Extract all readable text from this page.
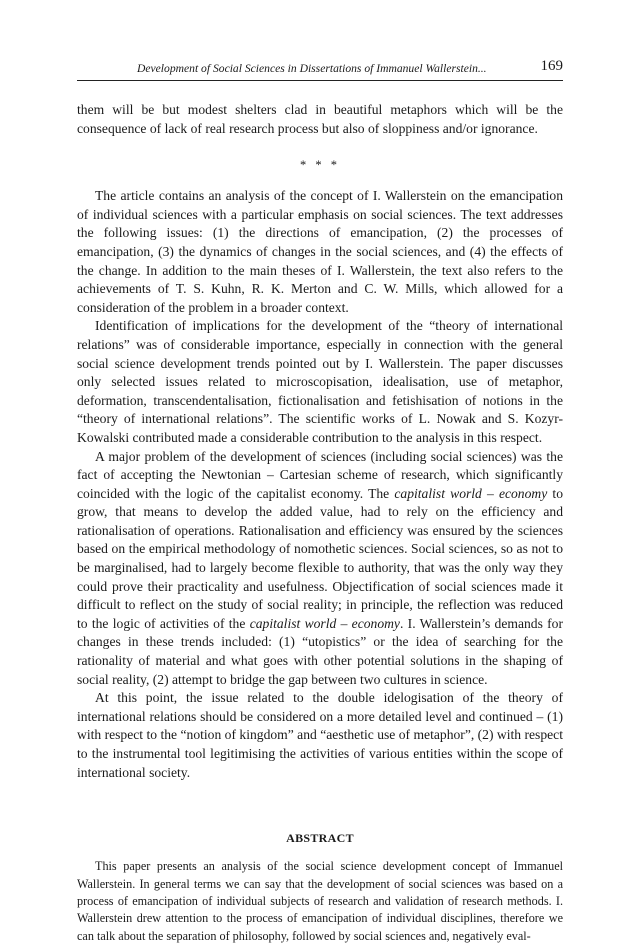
Development of Social Sciences in Dissertations of Immanuel Wallerstein...	169

them will be but modest shelters clad in beautiful metaphors which will be the consequence of lack of real research process but also of sloppiness and/or ignorance.

* * *

The article contains an analysis of the concept of I. Wallerstein on the emancipation of individual sciences with a particular emphasis on social sciences. The text addresses the following issues: (1) the directions of emancipation, (2) the processes of emancipation, (3) the dynamics of changes in the social sciences, and (4) the effects of the change. In addition to the main theses of I. Wallerstein, the text also refers to the achievements of T. S. Kuhn, R. K. Merton and C. W. Mills, which allowed for a consideration of the problem in a broader context.

Identification of implications for the development of the “theory of international relations” was of considerable importance, especially in connection with the general social science development trends pointed out by I. Wallerstein. The paper discusses only selected issues related to microscopisation, idealisation, use of metaphor, deformation, transcendentalisation, fictionalisation and fetishisation of notions in the “theory of international relations”. The scientific works of L. Nowak and S. Kozyr-Kowalski contributed made a considerable contribution to the analysis in this respect.

A major problem of the development of sciences (including social sciences) was the fact of accepting the Newtonian – Cartesian scheme of research, which significantly coincided with the logic of the capitalist economy. The capitalist world – economy to grow, that means to develop the added value, had to rely on the efficiency and rationalisation of operations. Rationalisation and efficiency was ensured by the sciences based on the empirical methodology of nomothetic sciences. Social sciences, so as not to be marginalised, had to largely become flexible to authority, that was the only way they could prove their practicality and usefulness. Objectification of social sciences made it difficult to reflect on the study of social reality; in principle, the reflection was reduced to the logic of activities of the capitalist world – economy. I. Wallerstein’s demands for changes in these trends included: (1) “utopistics” or the idea of searching for the rationality of material and what goes with other potential solutions in the shaping of social reality, (2) attempt to bridge the gap between two cultures in science.

At this point, the issue related to the double idelogisation of the theory of international relations should be considered on a more detailed level and continued – (1) with respect to the “notion of kingdom” and “aesthetic use of metaphor”, (2) with respect to the instrumental tool legitimising the activities of various entities within the scope of international society.

ABSTRACT

This paper presents an analysis of the social science development concept of Immanuel Wallerstein. In general terms we can say that the development of social sciences was based on a process of emancipation of individual subjects of research and validation of research methods. I. Wallerstein drew attention to the process of emancipation of individual disciplines, therefore we can talk about the separation of philosophy, followed by social sciences and, negatively eval-
